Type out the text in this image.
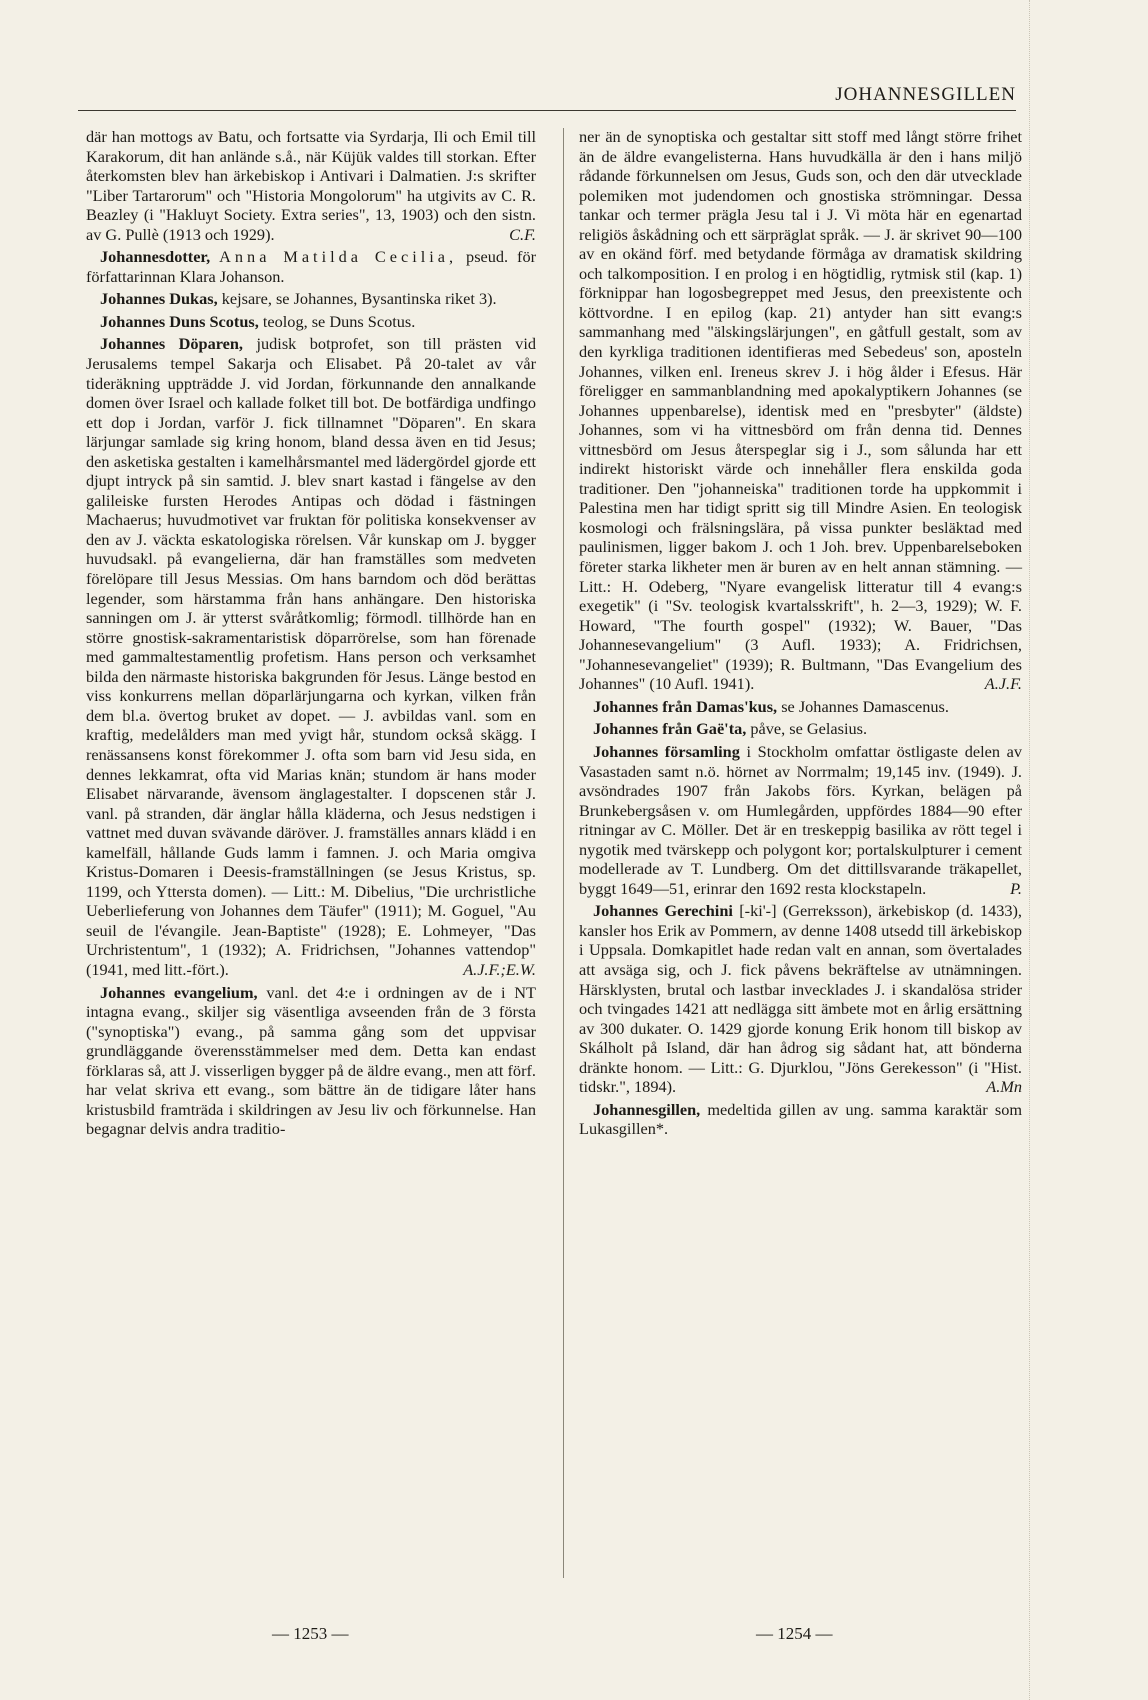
JOHANNESGILLEN

där han mottogs av Batu, och fortsatte via Syrdarja, Ili och Emil till Karakorum, dit han anlände s.å., när Küjük valdes till storkan. Efter återkomsten blev han ärkebiskop i Antivari i Dalmatien. J:s skrifter "Liber Tartarorum" och "Historia Mongolorum" ha utgivits av C. R. Beazley (i "Hakluyt Society. Extra series", 13, 1903) och den sistn. av G. Pullè (1913 och 1929).	C.F.

Johannesdotter, Anna Matilda Cecilia, pseud. för författarinnan Klara Johanson.

Johannes Dukas, kejsare, se Johannes, Bysantinska riket 3).

Johannes Duns Scotus, teolog, se Duns Scotus.

Johannes Döparen, judisk botprofet, son till prästen vid Jerusalems tempel Sakarja och Elisabet. På 20-talet av vår tideräkning uppträdde J. vid Jordan, förkunnande den annalkande domen över Israel och kallade folket till bot. De botfärdiga undfingo ett dop i Jordan, varför J. fick tillnamnet "Döparen". En skara lärjungar samlade sig kring honom, bland dessa även en tid Jesus; den asketiska gestalten i kamelhårsmantel med lädergördel gjorde ett djupt intryck på sin samtid. J. blev snart kastad i fängelse av den galileiske fursten Herodes Antipas och dödad i fästningen Machaerus; huvudmotivet var fruktan för politiska konsekvenser av den av J. väckta eskatologiska rörelsen. Vår kunskap om J. bygger huvudsakl. på evangelierna, där han framställes som medveten förelöpare till Jesus Messias. Om hans barndom och död berättas legender, som härstamma från hans anhängare. Den historiska sanningen om J. är ytterst svåråtkomlig; förmodl. tillhörde han en större gnostisk-sakramentaristisk döparrörelse, som han förenade med gammaltestamentlig profetism. Hans person och verksamhet bilda den närmaste historiska bakgrunden för Jesus. Länge bestod en viss konkurrens mellan döparlärjungarna och kyrkan, vilken från dem bl.a. övertog bruket av dopet. — J. avbildas vanl. som en kraftig, medelålders man med yvigt hår, stundom också skägg. I renässansens konst förekommer J. ofta som barn vid Jesu sida, en dennes lekkamrat, ofta vid Marias knän; stundom är hans moder Elisabet närvarande, ävensom änglagestalter. I dopscenen står J. vanl. på stranden, där änglar hålla kläderna, och Jesus nedstigen i vattnet med duvan svävande däröver. J. framställes annars klädd i en kamelfäll, hållande Guds lamm i famnen. J. och Maria omgiva Kristus-Domaren i Deesis-framställningen (se Jesus Kristus, sp. 1199, och Yttersta domen). — Litt.: M. Dibelius, "Die urchristliche Ueberlieferung von Johannes dem Täufer" (1911); M. Goguel, "Au seuil de l'évangile. Jean-Baptiste" (1928); E. Lohmeyer, "Das Urchristentum", 1 (1932); A. Fridrichsen, "Johannes vattendop" (1941, med litt.-fört.).	A.J.F.;E.W.

Johannes evangelium, vanl. det 4:e i ordningen av de i NT intagna evang., skiljer sig väsentliga avseenden från de 3 första ("synoptiska") evang., på samma gång som det uppvisar grundläggande överensstämmelser med dem. Detta kan endast förklaras så, att J. visserligen bygger på de äldre evang., men att förf. har velat skriva ett evang., som bättre än de tidigare låter hans kristusbild framträda i skildringen av Jesu liv och förkunnelse. Han begagnar delvis andra traditio-

ner än de synoptiska och gestaltar sitt stoff med långt större frihet än de äldre evangelisterna. Hans huvudkälla är den i hans miljö rådande förkunnelsen om Jesus, Guds son, och den där utvecklade polemiken mot judendomen och gnostiska strömningar. Dessa tankar och termer prägla Jesu tal i J. Vi möta här en egenartad religiös åskådning och ett särpräglat språk. — J. är skrivet 90—100 av en okänd förf. med betydande förmåga av dramatisk skildring och talkomposition. I en prolog i en högtidlig, rytmisk stil (kap. 1) förknippar han logosbegreppet med Jesus, den preexistente och köttvordne. I en epilog (kap. 21) antyder han sitt evang:s sammanhang med "älskingslärjungen", en gåtfull gestalt, som av den kyrkliga traditionen identifieras med Sebedeus' son, aposteln Johannes, vilken enl. Ireneus skrev J. i hög ålder i Efesus. Här föreligger en sammanblandning med apokalyptikern Johannes (se Johannes uppenbarelse), identisk med en "presbyter" (äldste) Johannes, som vi ha vittnesbörd om från denna tid. Dennes vittnesbörd om Jesus återspeglar sig i J., som sålunda har ett indirekt historiskt värde och innehåller flera enskilda goda traditioner. Den "johanneiska" traditionen torde ha uppkommit i Palestina men har tidigt spritt sig till Mindre Asien. En teologisk kosmologi och frälsningslära, på vissa punkter besläktad med paulinismen, ligger bakom J. och 1 Joh. brev. Uppenbarelseboken företer starka likheter men är buren av en helt annan stämning. — Litt.: H. Odeberg, "Nyare evangelisk litteratur till 4 evang:s exegetik" (i "Sv. teologisk kvartalsskrift", h. 2—3, 1929); W. F. Howard, "The fourth gospel" (1932); W. Bauer, "Das Johannesevangelium" (3 Aufl. 1933); A. Fridrichsen, "Johannesevangeliet" (1939); R. Bultmann, "Das Evangelium des Johannes" (10 Aufl. 1941).	A.J.F.

Johannes från Damas'kus, se Johannes Damascenus.

Johannes från Gaë'ta, påve, se Gelasius.

Johannes församling i Stockholm omfattar östligaste delen av Vasastaden samt n.ö. hörnet av Norrmalm; 19,145 inv. (1949). J. avsöndrades 1907 från Jakobs förs. Kyrkan, belägen på Brunkebergsåsen v. om Humlegården, uppfördes 1884—90 efter ritningar av C. Möller. Det är en treskeppig basilika av rött tegel i nygotik med tvärskepp och polygont kor; portalskulpturer i cement modellerade av T. Lundberg. Om det dittillsvarande träkapellet, byggt 1649—51, erinrar den 1692 resta klockstapeln.	P.

Johannes Gerechini [-ki'-] (Gerreksson), ärkebiskop (d. 1433), kansler hos Erik av Pommern, av denne 1408 utsedd till ärkebiskop i Uppsala. Domkapitlet hade redan valt en annan, som övertalades att avsäga sig, och J. fick påvens bekräftelse av utnämningen. Härsklysten, brutal och lastbar invecklades J. i skandalösa strider och tvingades 1421 att nedlägga sitt ämbete mot en årlig ersättning av 300 dukater. O. 1429 gjorde konung Erik honom till biskop av Skálholt på Island, där han ådrog sig sådant hat, att bönderna dränkte honom. — Litt.: G. Djurklou, "Jöns Gerekesson" (i "Hist. tidskr.", 1894).	A.Mn

Johannesgillen, medeltida gillen av ung. samma karaktär som Lukasgillen*.

— 1253 —	— 1254 —
